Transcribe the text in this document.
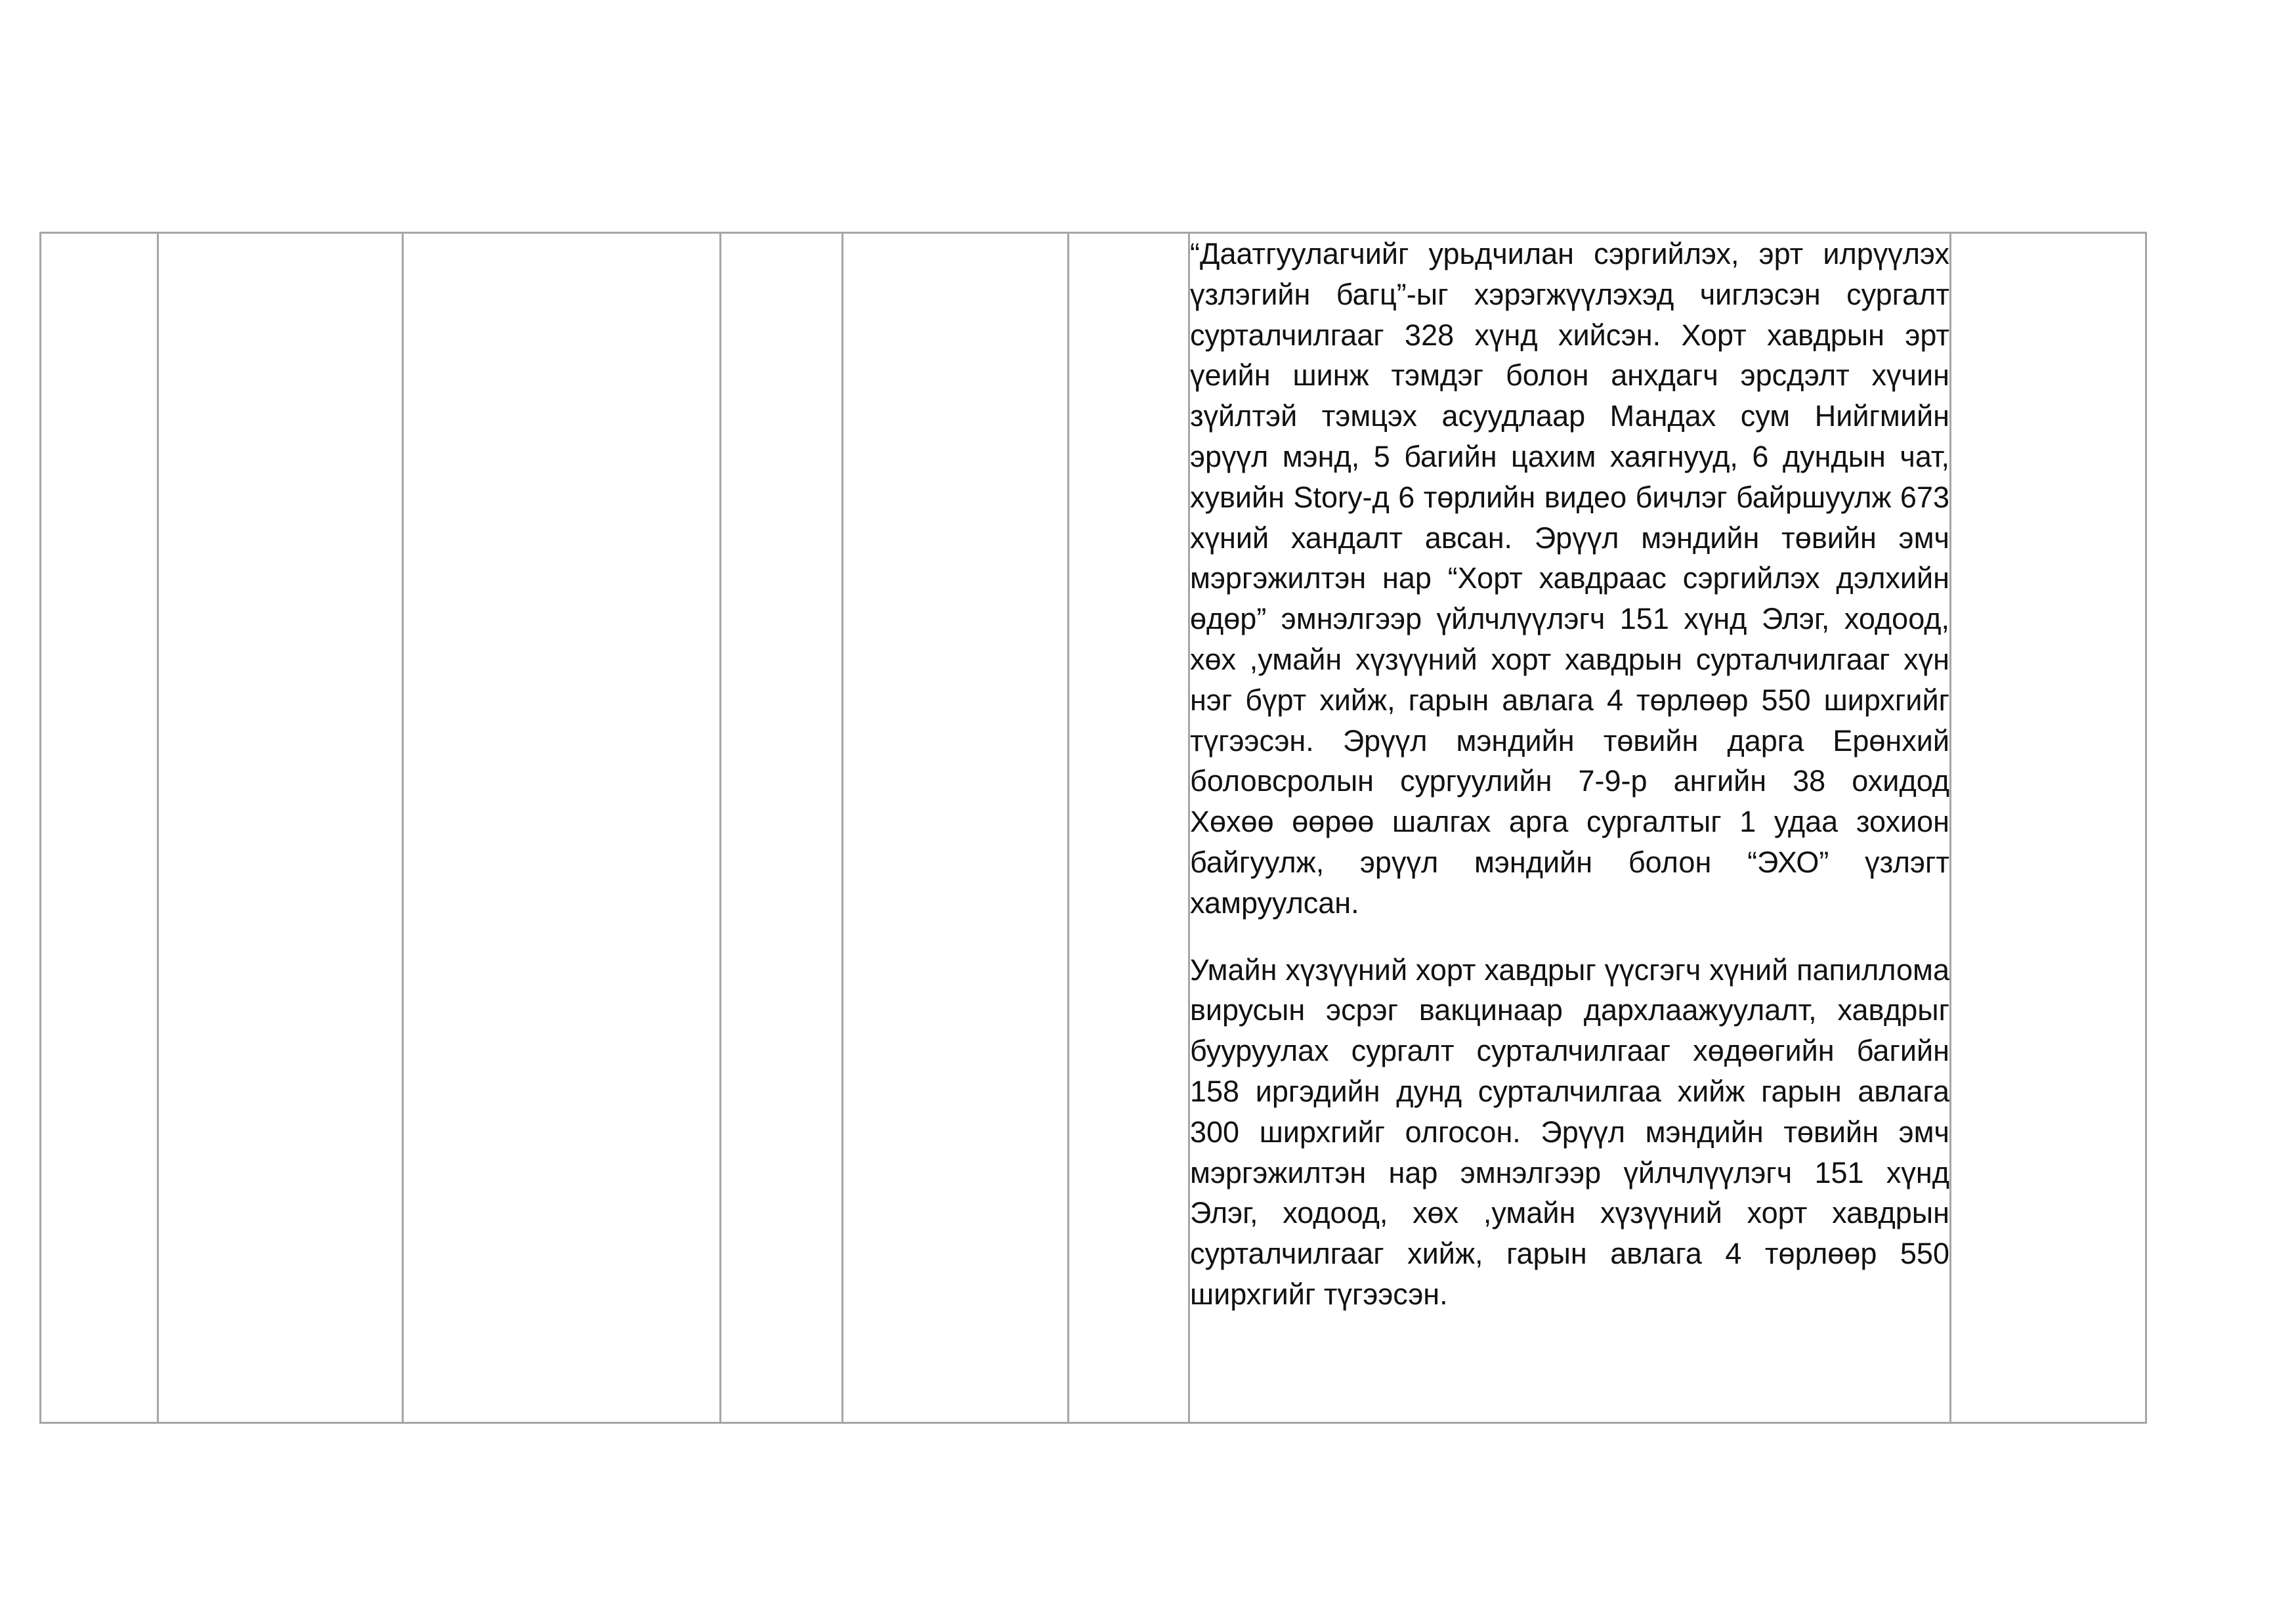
“Даатгуулагчийг урьдчилан сэргийлэх, эрт илрүүлэх үзлэгийн багц”-ыг хэрэгжүүлэхэд чиглэсэн сургалт сурталчилгааг 328 хүнд хийсэн. Хорт хавдрын эрт үеийн шинж тэмдэг болон анхдагч эрсдэлт хүчин зүйлтэй тэмцэх асуудлаар Мандах сум Нийгмийн эрүүл мэнд, 5 багийн цахим хаягнууд, 6 дундын чат, хувийн Story-д 6 төрлийн видео бичлэг байршуулж 673 хүний хандалт авсан. Эрүүл мэндийн төвийн эмч мэргэжилтэн нар “Хорт хавдраас сэргийлэх дэлхийн өдөр” эмнэлгээр үйлчлүүлэгч 151 хүнд Элэг, ходоод, хөх ,умайн хүзүүний хорт хавдрын сурталчилгааг хүн нэг бүрт хийж, гарын авлага 4 төрлөөр 550 ширхгийг түгээсэн. Эрүүл мэндийн төвийн дарга Ерөнхий боловсролын сургуулийн 7-9-р ангийн 38 охидод Хөхөө өөрөө шалгах арга сургалтыг 1 удаа зохион байгуулж, эрүүл мэндийн болон “ЭХО” үзлэгт хамруулсан.

Умайн хүзүүний хорт хавдрыг үүсгэгч хүний папиллома вирусын эсрэг вакцинаар дархлаажуулалт, хавдрыг бууруулах сургалт сурталчилгааг хөдөөгийн багийн 158 иргэдийн дунд сурталчилгаа хийж гарын авлага 300 ширхгийг олгосон. Эрүүл мэндийн төвийн эмч мэргэжилтэн нар эмнэлгээр үйлчлүүлэгч 151 хүнд Элэг, ходоод, хөх ,умайн хүзүүний хорт хавдрын сурталчилгааг хийж, гарын авлага 4 төрлөөр 550 ширхгийг түгээсэн.
